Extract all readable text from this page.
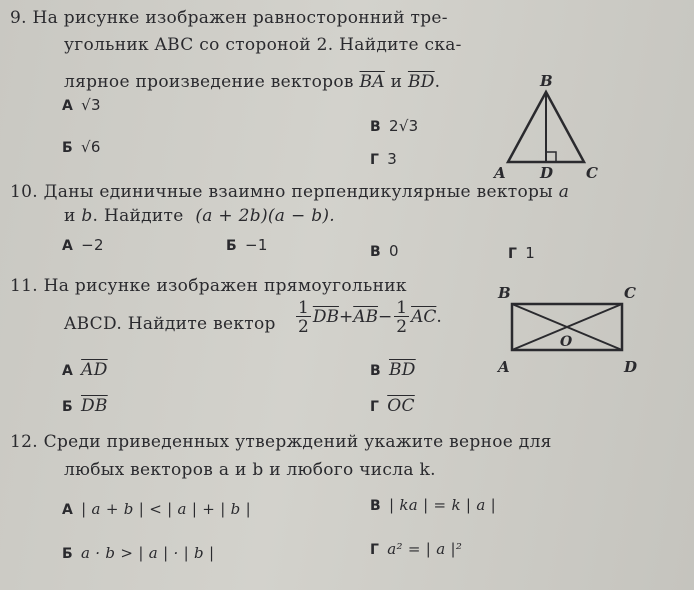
9. На рисунке изображен равносторонний тре-
угольник ABC со стороной 2. Найдите ска-
лярное произведение векторов $\overline{BA}$ и $\overline{BD}$.
А √3
Б √6
В 2√3
Г 3
B
A D C
10. Даны единичные взаимно перпендикулярные векторы a
и b. Найдите (a + 2b)(a − b).
А −2	Б −1	В 0	Г 1
11. На рисунке изображен прямоугольник
ABCD. Найдите вектор $\frac{1}{2} \overline{DB}+\overline{AB}- \frac{1}{2} \overline{AC}$.
А $\overline{AD}$
Б $\overline{DB}$
В $\overline{BD}$
Г $\overline{OC}$
B	C
O
A	D
12. Среди приведенных утверждений укажите верное для
любых векторов a и b и любого числа k.
А | a + b | < | a | + | b |
Б a · b > | a | · | b |
В | ka | = k | a |
Г a² = | a |²
